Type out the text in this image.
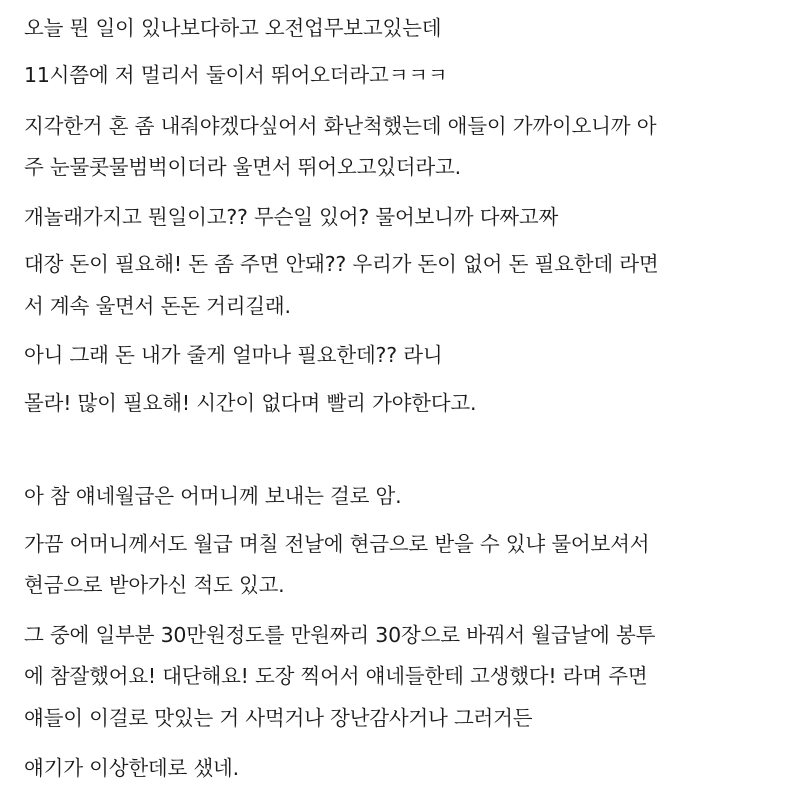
오늘 뭔 일이 있나보다하고 오전업무보고있는데
11시쯤에 저 멀리서 둘이서 뛰어오더라고ㅋㅋㅋ
지각한거 혼 좀 내줘야겠다싶어서 화난척했는데 애들이 가까이오니까 아
주 눈물콧물범벅이더라 울면서 뛰어오고있더라고.
개놀래가지고 뭔일이고?? 무슨일 있어? 물어보니까 다짜고짜
대장 돈이 필요해! 돈 좀 주면 안돼?? 우리가 돈이 없어 돈 필요한데 라면
서 계속 울면서 돈돈 거리길래.
아니 그래 돈 내가 줄게 얼마나 필요한데?? 라니
몰라! 많이 필요해! 시간이 없다며 빨리 가야한다고.
아 참 얘네월급은 어머니께 보내는 걸로 암.
가끔 어머니께서도 월급 며칠 전날에 현금으로 받을 수 있냐 물어보셔서
현금으로 받아가신 적도 있고.
그 중에 일부분 30만원정도를 만원짜리 30장으로 바꿔서 월급날에 봉투
에 참잘했어요! 대단해요! 도장 찍어서 얘네들한테 고생했다! 라며 주면
얘들이 이걸로 맛있는 거 사먹거나 장난감사거나 그러거든
얘기가 이상한데로 샜네.
